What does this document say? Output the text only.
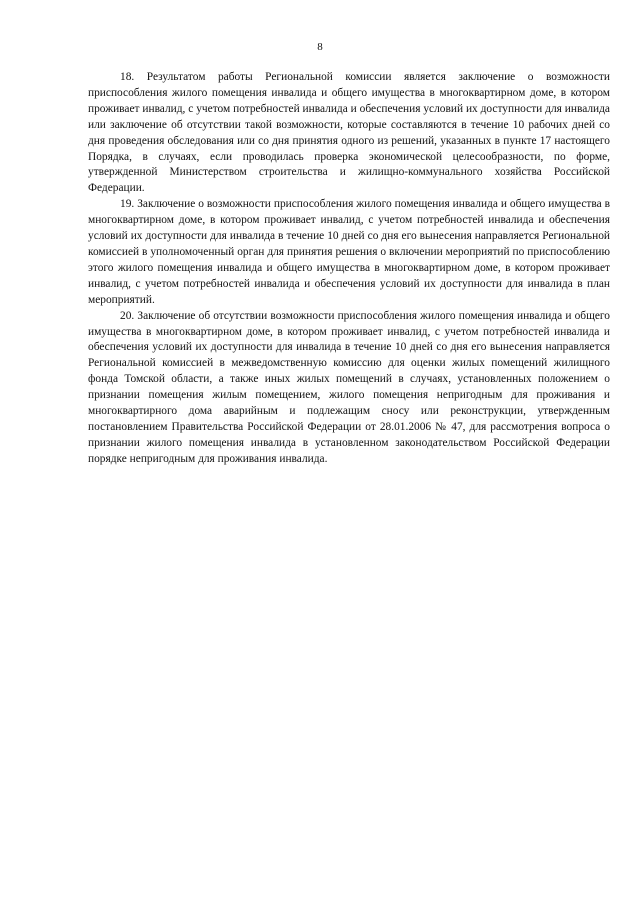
8

18. Результатом работы Региональной комиссии является заключение о возможности приспособления жилого помещения инвалида и общего имущества в многоквартирном доме, в котором проживает инвалид, с учетом потребностей инвалида и обеспечения условий их доступности для инвалида или заключение об отсутствии такой возможности, которые составляются в течение 10 рабочих дней со дня проведения обследования или со дня принятия одного из решений, указанных в пункте 17 настоящего Порядка, в случаях, если проводилась проверка экономической целесообразности, по форме, утвержденной Министерством строительства и жилищно-коммунального хозяйства Российской Федерации.

19. Заключение о возможности приспособления жилого помещения инвалида и общего имущества в многоквартирном доме, в котором проживает инвалид, с учетом потребностей инвалида и обеспечения условий их доступности для инвалида в течение 10 дней со дня его вынесения направляется Региональной комиссией в уполномоченный орган для принятия решения о включении мероприятий по приспособлению этого жилого помещения инвалида и общего имущества в многоквартирном доме, в котором проживает инвалид, с учетом потребностей инвалида и обеспечения условий их доступности для инвалида в план мероприятий.

20. Заключение об отсутствии возможности приспособления жилого помещения инвалида и общего имущества в многоквартирном доме, в котором проживает инвалид, с учетом потребностей инвалида и обеспечения условий их доступности для инвалида в течение 10 дней со дня его вынесения направляется Региональной комиссией в межведомственную комиссию для оценки жилых помещений жилищного фонда Томской области, а также иных жилых помещений в случаях, установленных положением о признании помещения жилым помещением, жилого помещения непригодным для проживания и многоквартирного дома аварийным и подлежащим сносу или реконструкции, утвержденным постановлением Правительства Российской Федерации от 28.01.2006 № 47, для рассмотрения вопроса о признании жилого помещения инвалида в установленном законодательством Российской Федерации порядке непригодным для проживания инвалида.
